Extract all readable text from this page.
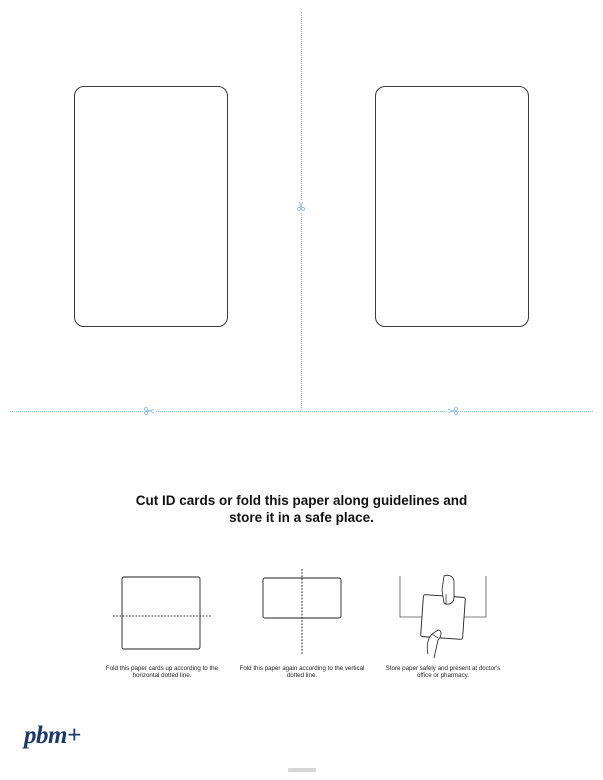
Cut ID cards or fold this paper along guidelines and store it in a safe place.
Fold this paper cards up according to the horizontal dotted line.
Fold this paper again according to the vertical dotted line.
Store paper safely and present at doctor's office or pharmacy.
pbm+
